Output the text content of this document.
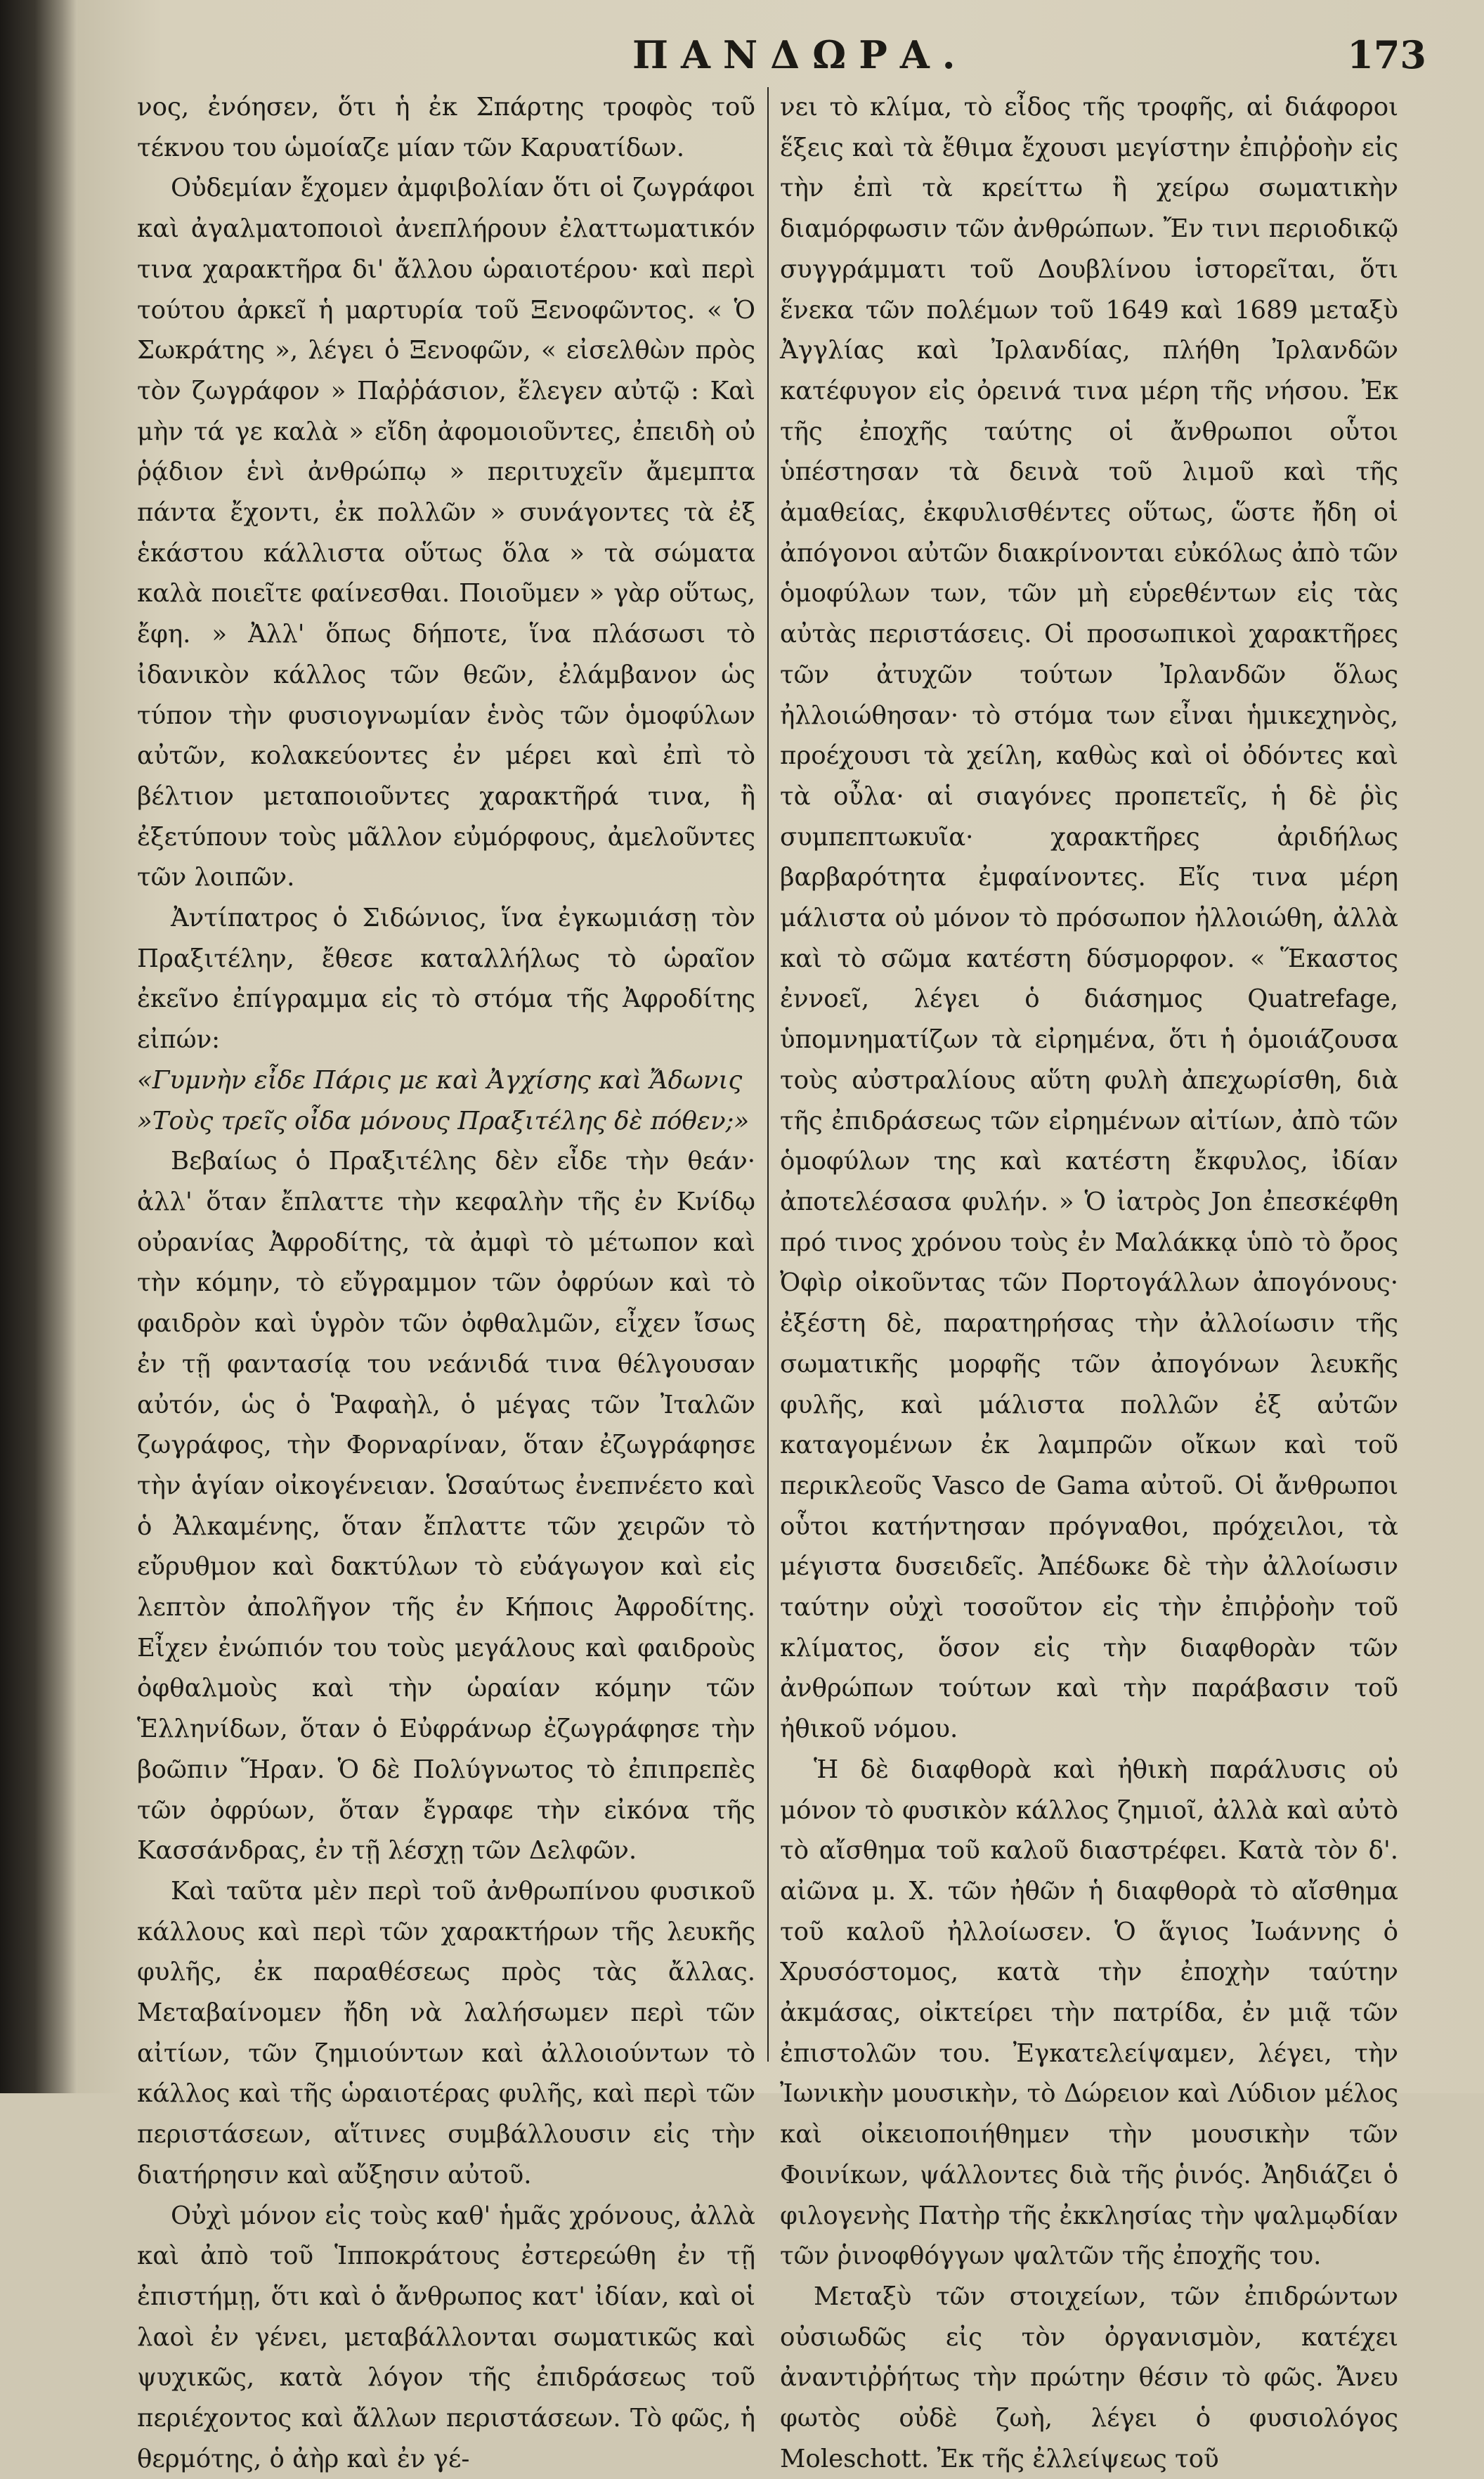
ΠΑΝΔΩΡΑ.	173

νος, ἐνόησεν, ὅτι ἡ ἐκ Σπάρτης τροφὸς τοῦ τέκνου του ὡμοίαζε μίαν τῶν Καρυατίδων.

Οὐδεμίαν ἔχομεν ἀμφιβολίαν ὅτι οἱ ζωγράφοι καὶ ἀγαλματοποιοὶ ἀνεπλήρουν ἐλαττωματικόν τινα χαρακτῆρα δι' ἄλλου ὡραιοτέρου· καὶ περὶ τούτου ἀρκεῖ ἡ μαρτυρία τοῦ Ξενοφῶντος. « Ὁ Σωκράτης », λέγει ὁ Ξενοφῶν, « εἰσελθὼν πρὸς τὸν ζωγράφον » Παῤῥάσιον, ἔλεγεν αὐτῷ : Καὶ μὴν τά γε καλὰ » εἴδη ἀφομοιοῦντες, ἐπειδὴ οὐ ῥᾴδιον ἑνὶ ἀνθρώπῳ » περιτυχεῖν ἄμεμπτα πάντα ἔχοντι, ἐκ πολλῶν » συνάγοντες τὰ ἐξ ἑκάστου κάλλιστα οὕτως ὅλα » τὰ σώματα καλὰ ποιεῖτε φαίνεσθαι. Ποιοῦμεν » γὰρ οὕτως, ἔφη. » Ἀλλ' ὅπως δήποτε, ἵνα πλάσωσι τὸ ἰδανικὸν κάλλος τῶν θεῶν, ἐλάμβανον ὡς τύπον τὴν φυσιογνωμίαν ἑνὸς τῶν ὁμοφύλων αὐτῶν, κολακεύοντες ἐν μέρει καὶ ἐπὶ τὸ βέλτιον μεταποιοῦντες χαρακτῆρά τινα, ἢ ἐξετύπουν τοὺς μᾶλλον εὐμόρφους, ἀμελοῦντες τῶν λοιπῶν.

Ἀντίπατρος ὁ Σιδώνιος, ἵνα ἐγκωμιάσῃ τὸν Πραξιτέλην, ἔθεσε καταλλήλως τὸ ὡραῖον ἐκεῖνο ἐπίγραμμα εἰς τὸ στόμα τῆς Ἀφροδίτης εἰπών:

«Γυμνὴν εἶδε Πάρις με καὶ Ἀγχίσης καὶ Ἄδωνις

»Τοὺς τρεῖς οἶδα μόνους Πραξιτέλης δὲ πόθεν;»

Βεβαίως ὁ Πραξιτέλης δὲν εἶδε τὴν θεάν· ἀλλ' ὅταν ἔπλαττε τὴν κεφαλὴν τῆς ἐν Κνίδῳ οὐρανίας Ἀφροδίτης, τὰ ἀμφὶ τὸ μέτωπον καὶ τὴν κόμην, τὸ εὔγραμμον τῶν ὀφρύων καὶ τὸ φαιδρὸν καὶ ὑγρὸν τῶν ὀφθαλμῶν, εἶχεν ἴσως ἐν τῇ φαντασίᾳ του νεάνιδά τινα θέλγουσαν αὐτόν, ὡς ὁ Ῥαφαὴλ, ὁ μέγας τῶν Ἰταλῶν ζωγράφος, τὴν Φορναρίναν, ὅταν ἐζωγράφησε τὴν ἁγίαν οἰκογένειαν. Ὡσαύτως ἐνεπνέετο καὶ ὁ Ἀλκαμένης, ὅταν ἔπλαττε τῶν χειρῶν τὸ εὔρυθμον καὶ δακτύλων τὸ εὐάγωγον καὶ εἰς λεπτὸν ἀπολῆγον τῆς ἐν Κήποις Ἀφροδίτης. Εἶχεν ἐνώπιόν του τοὺς μεγάλους καὶ φαιδροὺς ὀφθαλμοὺς καὶ τὴν ὡραίαν κόμην τῶν Ἑλληνίδων, ὅταν ὁ Εὐφράνωρ ἐζωγράφησε τὴν βοῶπιν Ἥραν. Ὁ δὲ Πολύγνωτος τὸ ἐπιπρεπὲς τῶν ὀφρύων, ὅταν ἔγραφε τὴν εἰκόνα τῆς Κασσάνδρας, ἐν τῇ λέσχῃ τῶν Δελφῶν.

Καὶ ταῦτα μὲν περὶ τοῦ ἀνθρωπίνου φυσικοῦ κάλλους καὶ περὶ τῶν χαρακτήρων τῆς λευκῆς φυλῆς, ἐκ παραθέσεως πρὸς τὰς ἄλλας. Μεταβαίνομεν ἤδη νὰ λαλήσωμεν περὶ τῶν αἰτίων, τῶν ζημιούντων καὶ ἀλλοιούντων τὸ κάλλος καὶ τῆς ὡραιοτέρας φυλῆς, καὶ περὶ τῶν περιστάσεων, αἵτινες συμβάλλουσιν εἰς τὴν διατήρησιν καὶ αὔξησιν αὐτοῦ.

Οὐχὶ μόνον εἰς τοὺς καθ' ἡμᾶς χρόνους, ἀλλὰ καὶ ἀπὸ τοῦ Ἱπποκράτους ἐστερεώθη ἐν τῇ ἐπιστήμῃ, ὅτι καὶ ὁ ἄνθρωπος κατ' ἰδίαν, καὶ οἱ λαοὶ ἐν γένει, μεταβάλλονται σωματικῶς καὶ ψυχικῶς, κατὰ λόγον τῆς ἐπιδράσεως τοῦ περιέχοντος καὶ ἄλλων περιστάσεων. Τὸ φῶς, ἡ θερμότης, ὁ ἀὴρ καὶ ἐν γέ-

νει τὸ κλίμα, τὸ εἶδος τῆς τροφῆς, αἱ διάφοροι ἕξεις καὶ τὰ ἔθιμα ἔχουσι μεγίστην ἐπιῤῥοὴν εἰς τὴν ἐπὶ τὰ κρείττω ἢ χείρω σωματικὴν διαμόρφωσιν τῶν ἀνθρώπων. Ἔν τινι περιοδικῷ συγγράμματι τοῦ Δουβλίνου ἱστορεῖται, ὅτι ἕνεκα τῶν πολέμων τοῦ 1649 καὶ 1689 μεταξὺ Ἀγγλίας καὶ Ἰρλανδίας, πλήθη Ἰρλανδῶν κατέφυγον εἰς ὀρεινά τινα μέρη τῆς νήσου. Ἐκ τῆς ἐποχῆς ταύτης οἱ ἄνθρωποι οὗτοι ὑπέστησαν τὰ δεινὰ τοῦ λιμοῦ καὶ τῆς ἀμαθείας, ἐκφυλισθέντες οὕτως, ὥστε ἤδη οἱ ἀπόγονοι αὐτῶν διακρίνονται εὐκόλως ἀπὸ τῶν ὁμοφύλων των, τῶν μὴ εὑρεθέντων εἰς τὰς αὐτὰς περιστάσεις. Οἱ προσωπικοὶ χαρακτῆρες τῶν ἀτυχῶν τούτων Ἰρλανδῶν ὅλως ἠλλοιώθησαν· τὸ στόμα των εἶναι ἡμικεχηνὸς, προέχουσι τὰ χείλη, καθὼς καὶ οἱ ὀδόντες καὶ τὰ οὖλα· αἱ σιαγόνες προπετεῖς, ἡ δὲ ῥὶς συμπεπτωκυῖα· χαρακτῆρες ἀριδήλως βαρβαρότητα ἐμφαίνοντες. Εἴς τινα μέρη μάλιστα οὐ μόνον τὸ πρόσωπον ἠλλοιώθη, ἀλλὰ καὶ τὸ σῶμα κατέστη δύσμορφον. « Ἕκαστος ἐννοεῖ, λέγει ὁ διάσημος Quatrefage, ὑπομνηματίζων τὰ εἰρημένα, ὅτι ἡ ὁμοιάζουσα τοὺς αὐστραλίους αὕτη φυλὴ ἀπεχωρίσθη, διὰ τῆς ἐπιδράσεως τῶν εἰρημένων αἰτίων, ἀπὸ τῶν ὁμοφύλων της καὶ κατέστη ἔκφυλος, ἰδίαν ἀποτελέσασα φυλήν. » Ὁ ἰατρὸς Jon ἐπεσκέφθη πρό τινος χρόνου τοὺς ἐν Μαλάκκᾳ ὑπὸ τὸ ὄρος Ὀφὶρ οἰκοῦντας τῶν Πορτογάλλων ἀπογόνους· ἐξέστη δὲ, παρατηρήσας τὴν ἀλλοίωσιν τῆς σωματικῆς μορφῆς τῶν ἀπογόνων λευκῆς φυλῆς, καὶ μάλιστα πολλῶν ἐξ αὐτῶν καταγομένων ἐκ λαμπρῶν οἴκων καὶ τοῦ περικλεοῦς Vasco de Gama αὐτοῦ. Οἱ ἄνθρωποι οὗτοι κατήντησαν πρόγναθοι, πρόχειλοι, τὰ μέγιστα δυσειδεῖς. Ἀπέδωκε δὲ τὴν ἀλλοίωσιν ταύτην οὐχὶ τοσοῦτον εἰς τὴν ἐπιῤῥοὴν τοῦ κλίματος, ὅσον εἰς τὴν διαφθορὰν τῶν ἀνθρώπων τούτων καὶ τὴν παράβασιν τοῦ ἠθικοῦ νόμου.

Ἡ δὲ διαφθορὰ καὶ ἠθικὴ παράλυσις οὐ μόνον τὸ φυσικὸν κάλλος ζημιοῖ, ἀλλὰ καὶ αὐτὸ τὸ αἴσθημα τοῦ καλοῦ διαστρέφει. Κατὰ τὸν δ'. αἰῶνα μ. Χ. τῶν ἠθῶν ἡ διαφθορὰ τὸ αἴσθημα τοῦ καλοῦ ἠλλοίωσεν. Ὁ ἅγιος Ἰωάννης ὁ Χρυσόστομος, κατὰ τὴν ἐποχὴν ταύτην ἀκμάσας, οἰκτείρει τὴν πατρίδα, ἐν μιᾷ τῶν ἐπιστολῶν του. Ἐγκατελείψαμεν, λέγει, τὴν Ἰωνικὴν μουσικὴν, τὸ Δώρειον καὶ Λύδιον μέλος καὶ οἰκειοποιήθημεν τὴν μουσικὴν τῶν Φοινίκων, ψάλλοντες διὰ τῆς ῥινός. Ἀηδιάζει ὁ φιλογενὴς Πατὴρ τῆς ἐκκλησίας τὴν ψαλμῳδίαν τῶν ῥινοφθόγγων ψαλτῶν τῆς ἐποχῆς του.

Μεταξὺ τῶν στοιχείων, τῶν ἐπιδρώντων οὐσιωδῶς εἰς τὸν ὀργανισμὸν, κατέχει ἀναντιῤῥήτως τὴν πρώτην θέσιν τὸ φῶς. Ἄνευ φωτὸς οὐδὲ ζωὴ, λέγει ὁ φυσιολόγος Moleschott. Ἐκ τῆς ἐλλείψεως τοῦ
